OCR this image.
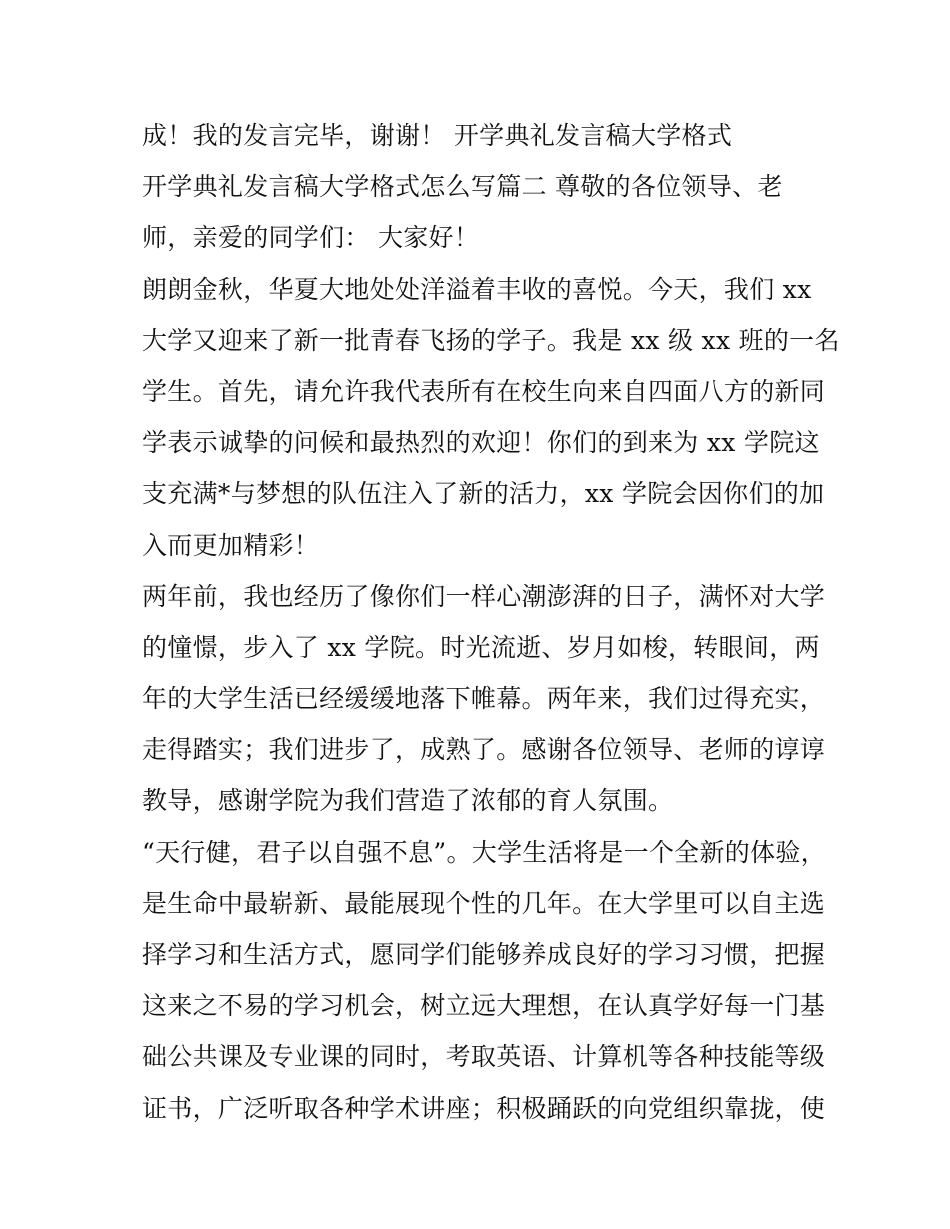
成！我的发言完毕，谢谢！ 开学典礼发言稿大学格式
开学典礼发言稿大学格式怎么写篇二 尊敬的各位领导、老
师，亲爱的同学们： 大家好！
朗朗金秋，华夏大地处处洋溢着丰收的喜悦。今天，我们 xx
大学又迎来了新一批青春飞扬的学子。我是 xx 级 xx 班的一名
学生。首先，请允许我代表所有在校生向来自四面八方的新同
学表示诚挚的问候和最热烈的欢迎！你们的到来为 xx 学院这
支充满*与梦想的队伍注入了新的活力，xx 学院会因你们的加
入而更加精彩！
两年前，我也经历了像你们一样心潮澎湃的日子，满怀对大学
的憧憬，步入了 xx 学院。时光流逝、岁月如梭，转眼间，两
年的大学生活已经缓缓地落下帷幕。两年来，我们过得充实，
走得踏实；我们进步了，成熟了。感谢各位领导、老师的谆谆
教导，感谢学院为我们营造了浓郁的育人氛围。
“天行健，君子以自强不息”。大学生活将是一个全新的体验，
是生命中最崭新、最能展现个性的几年。在大学里可以自主选
择学习和生活方式，愿同学们能够养成良好的学习习惯，把握
这来之不易的学习机会，树立远大理想，在认真学好每一门基
础公共课及专业课的同时，考取英语、计算机等各种技能等级
证书，广泛听取各种学术讲座；积极踊跃的向党组织靠拢，使
